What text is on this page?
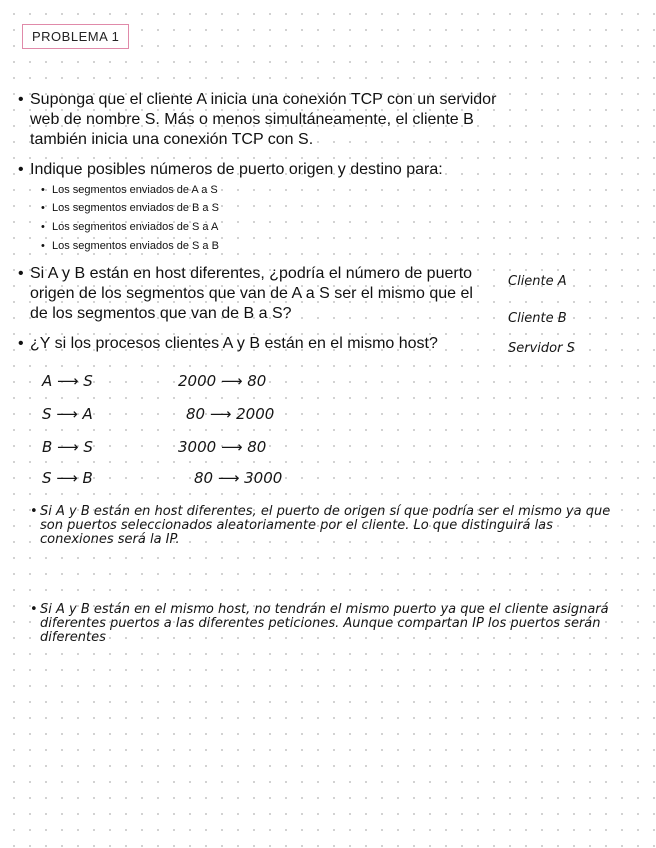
PROBLEMA 1
• Suponga que el cliente A inicia una conexión TCP con un servidor web de nombre S. Más o menos simultáneamente, el cliente B también inicia una conexión TCP con S.
• Indique posibles números de puerto origen y destino para:
• Los segmentos enviados de A a S
• Los segmentos enviados de B a S
• Los segmentos enviados de S a A
• Los segmentos enviados de S a B
• Si A y B están en host diferentes, ¿podría el número de puerto origen de los segmentos que van de A a S ser el mismo que el de los segmentos que van de B a S?
• ¿Y si los procesos clientes A y B están en el mismo host?
Cliente A
Cliente B
Servidor S
A ⟶ S	2000 ⟶ 80
S ⟶ A	80 ⟶ 2000
B ⟶ S	3000 ⟶ 80
S ⟶ B	80 ⟶ 3000
• Si A y B están en host diferentes, el puerto de origen sí que podría ser el mismo ya que son puertos seleccionados aleatoriamente por el cliente. Lo que distinguirá las conexiones será la IP.
• Si A y B están en el mismo host, no tendrán el mismo puerto ya que el cliente asignará diferentes puertos a las diferentes peticiones. Aunque compartan IP los puertos serán diferentes
